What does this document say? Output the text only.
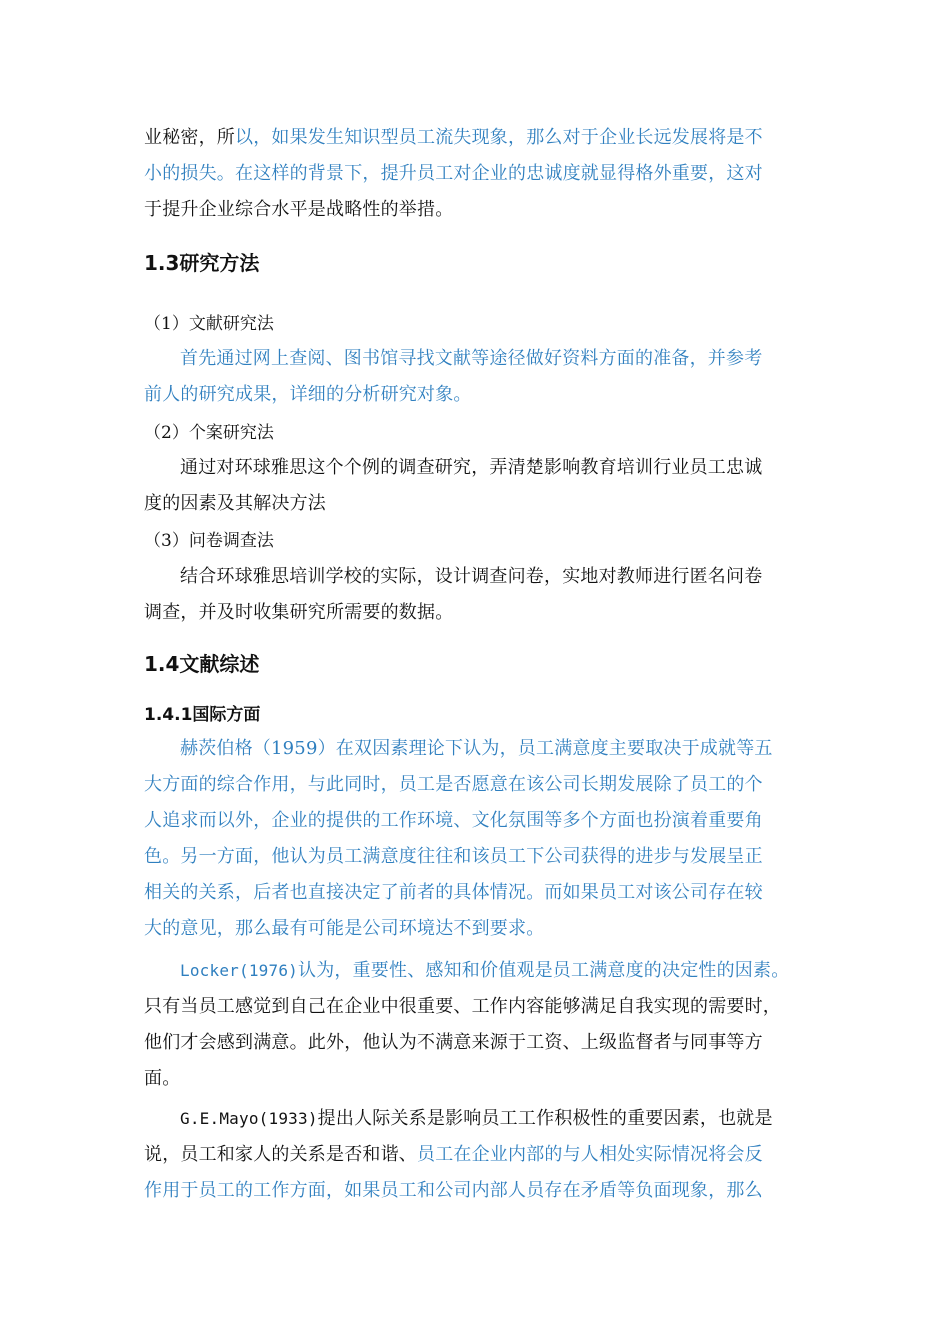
业秘密，所以，如果发生知识型员工流失现象，那么对于企业长远发展将是不
小的损失。在这样的背景下，提升员工对企业的忠诚度就显得格外重要，这对
于提升企业综合水平是战略性的举措。
1.3研究方法
（1）文献研究法
首先通过网上查阅、图书馆寻找文献等途径做好资料方面的准备，并参考
前人的研究成果，详细的分析研究对象。
（2）个案研究法
通过对环球雅思这个个例的调查研究，弄清楚影响教育培训行业员工忠诚
度的因素及其解决方法
（3）问卷调查法
结合环球雅思培训学校的实际，设计调查问卷，实地对教师进行匿名问卷
调查，并及时收集研究所需要的数据。
1.4文献综述
1.4.1国际方面
赫茨伯格（1959）在双因素理论下认为，员工满意度主要取决于成就等五
大方面的综合作用，与此同时，员工是否愿意在该公司长期发展除了员工的个
人追求而以外，企业的提供的工作环境、文化氛围等多个方面也扮演着重要角
色。另一方面，他认为员工满意度往往和该员工下公司获得的进步与发展呈正
相关的关系，后者也直接决定了前者的具体情况。而如果员工对该公司存在较
大的意见，那么最有可能是公司环境达不到要求。
Locker(1976)认为，重要性、感知和价值观是员工满意度的决定性的因素。
只有当员工感觉到自己在企业中很重要、工作内容能够满足自我实现的需要时，
他们才会感到满意。此外，他认为不满意来源于工资、上级监督者与同事等方
面。
G.E.Mayo(1933)提出人际关系是影响员工工作积极性的重要因素，也就是
说，员工和家人的关系是否和谐、员工在企业内部的与人相处实际情况将会反
作用于员工的工作方面，如果员工和公司内部人员存在矛盾等负面现象，那么
